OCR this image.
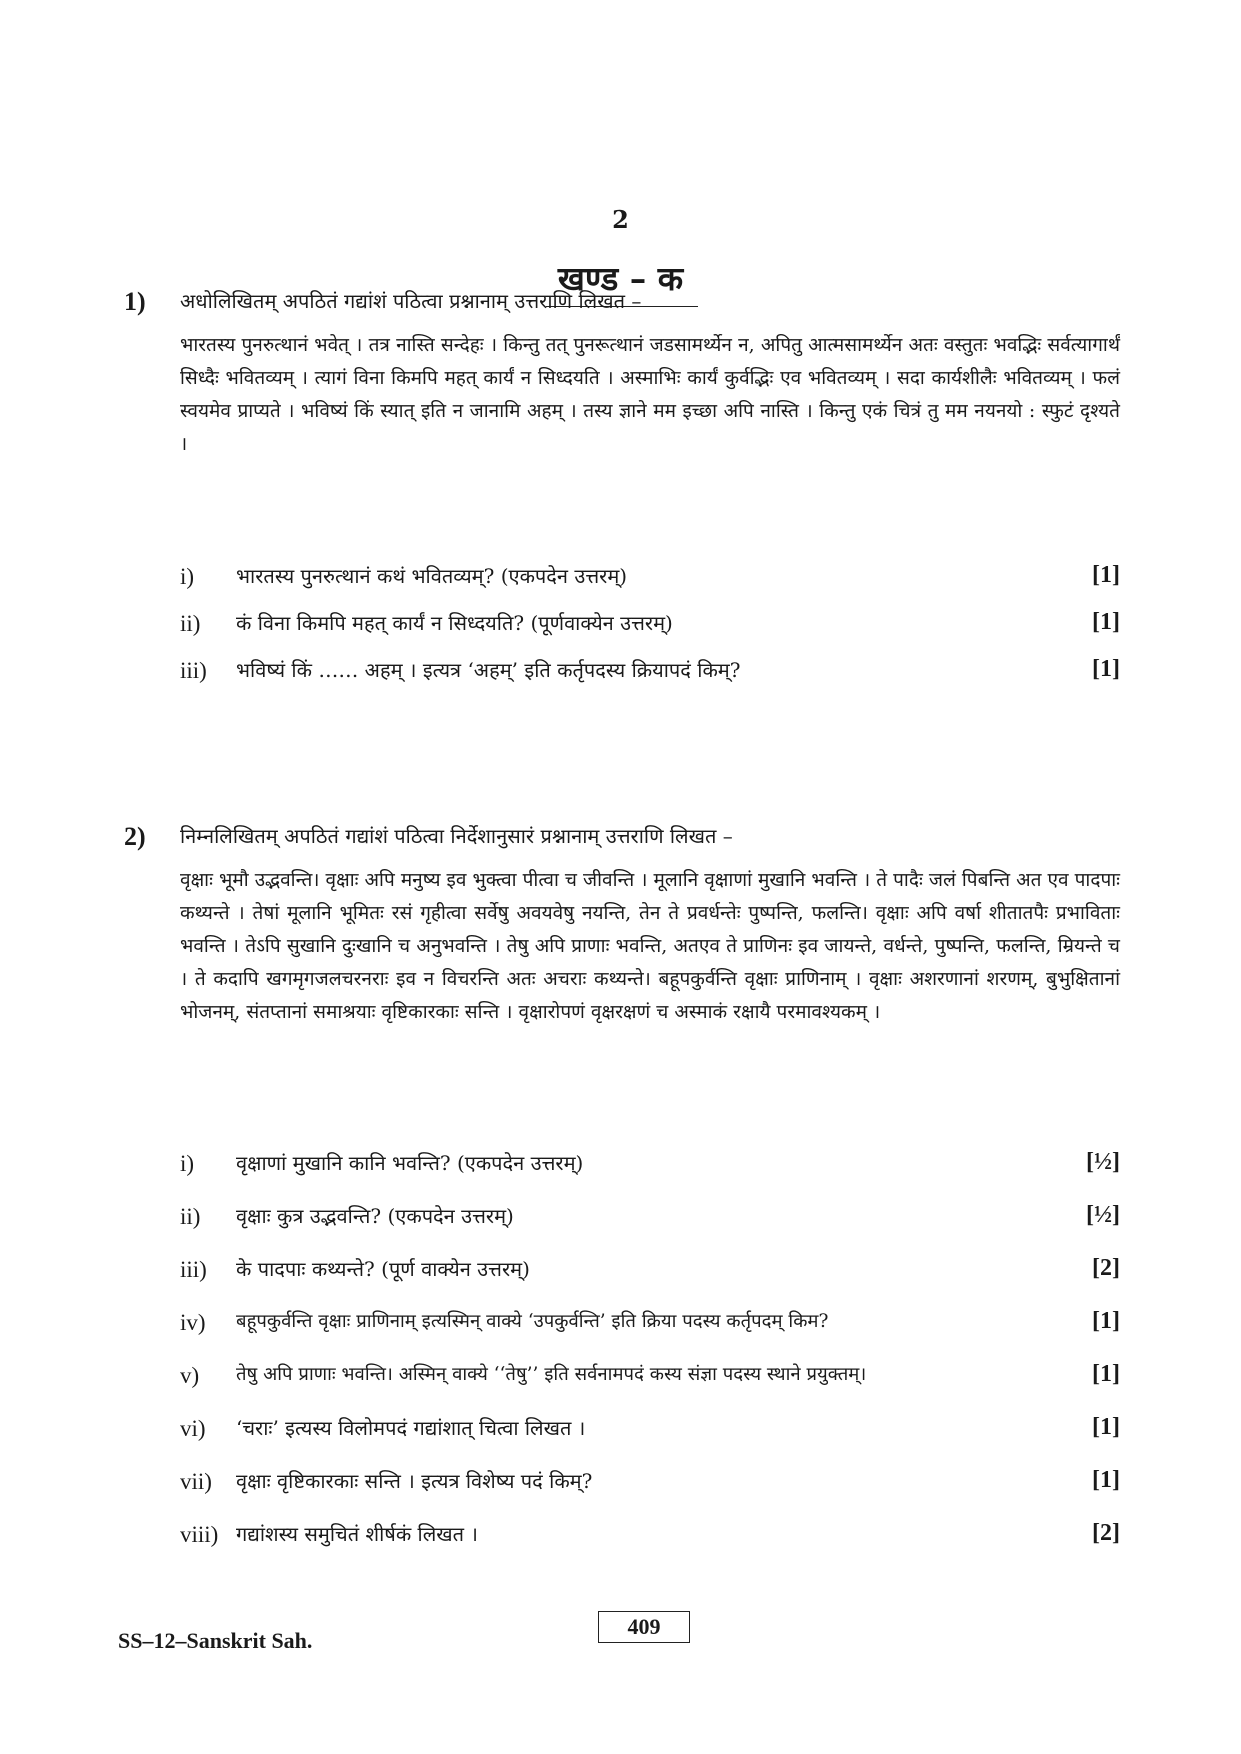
2
खण्ड – क
1) अधोलिखितम् अपठितं गद्यांशं पठित्वा प्रश्नानाम् उत्तराणि लिखत –
भारतस्य पुनरुत्थानं भवेत् । तत्र नास्ति सन्देहः । किन्तु तत् पुनरूत्थानं जडसामर्थ्येन न, अपितु आत्मसामर्थ्येन अतः वस्तुतः भवद्भिः सर्वत्यागार्थं सिध्दैः भवितव्यम् । त्यागं विना किमपि महत् कार्यं न सिध्दयति । अस्माभिः कार्यं कुर्वद्भिः एव भवितव्यम् । सदा कार्यशीलैः भवितव्यम् । फलं स्वयमेव प्राप्यते । भविष्यं किं स्यात् इति न जानामि अहम् । तस्य ज्ञाने मम इच्छा अपि नास्ति । किन्तु एकं चित्रं तु मम नयनयो : स्फुटं दृश्यते ।
i) भारतस्य पुनरुत्थानं कथं भवितव्यम्? (एकपदेन उत्तरम्)	[1]
ii) कं विना किमपि महत् कार्यं न सिध्दयति? (पूर्णवाक्येन उत्तरम्)	[1]
iii) भविष्यं किं …… अहम् । इत्यत्र ‘अहम्’ इति कर्तृपदस्य क्रियापदं किम्?	[1]
2) निम्नलिखितम् अपठितं गद्यांशं पठित्वा निर्देशानुसारं प्रश्नानाम् उत्तराणि लिखत –
वृक्षाः भूमौ उद्भवन्ति। वृक्षाः अपि मनुष्य इव भुक्त्वा पीत्वा च जीवन्ति । मूलानि वृक्षाणां मुखानि भवन्ति । ते पादैः जलं पिबन्ति अत एव पादपाः कथ्यन्ते । तेषां मूलानि भूमितः रसं गृहीत्वा सर्वेषु अवयवेषु नयन्ति, तेन ते प्रवर्धन्तेः पुष्पन्ति, फलन्ति। वृक्षाः अपि वर्षा शीतातपैः प्रभाविताः भवन्ति । तेऽपि सुखानि दुःखानि च अनुभवन्ति । तेषु अपि प्राणाः भवन्ति, अतएव ते प्राणिनः इव जायन्ते, वर्धन्ते, पुष्पन्ति, फलन्ति, म्रियन्ते च । ते कदापि खगमृगजलचरनराः इव न विचरन्ति अतः अचराः कथ्यन्ते। बहूपकुर्वन्ति वृक्षाः प्राणिनाम् । वृक्षाः अशरणानां शरणम्, बुभुक्षितानां भोजनम्, संतप्तानां समाश्रयाः वृष्टिकारकाः सन्ति । वृक्षारोपणं वृक्षरक्षणं च अस्माकं रक्षायै परमावश्यकम् ।
i) वृक्षाणां मुखानि कानि भवन्ति? (एकपदेन उत्तरम्)	[½]
ii) वृक्षाः कुत्र उद्भवन्ति? (एकपदेन उत्तरम्)	[½]
iii) के पादपाः कथ्यन्ते? (पूर्ण वाक्येन उत्तरम्)	[2]
iv) बहूपकुर्वन्ति वृक्षाः प्राणिनाम् इत्यस्मिन् वाक्ये ‘उपकुर्वन्ति’ इति क्रिया पदस्य कर्तृपदम् किम?	[1]
v) तेषु अपि प्राणाः भवन्ति। अस्मिन् वाक्ये ‘‘तेषु’’ इति सर्वनामपदं कस्य संज्ञा पदस्य स्थाने प्रयुक्तम्।	[1]
vi) ‘चराः’ इत्यस्य विलोमपदं गद्यांशात् चित्वा लिखत ।	[1]
vii) वृक्षाः वृष्टिकारकाः सन्ति । इत्यत्र विशेष्य पदं किम्?	[1]
viii) गद्यांशस्य समुचितं शीर्षकं लिखत ।	[2]
SS–12–Sanskrit Sah.
409
